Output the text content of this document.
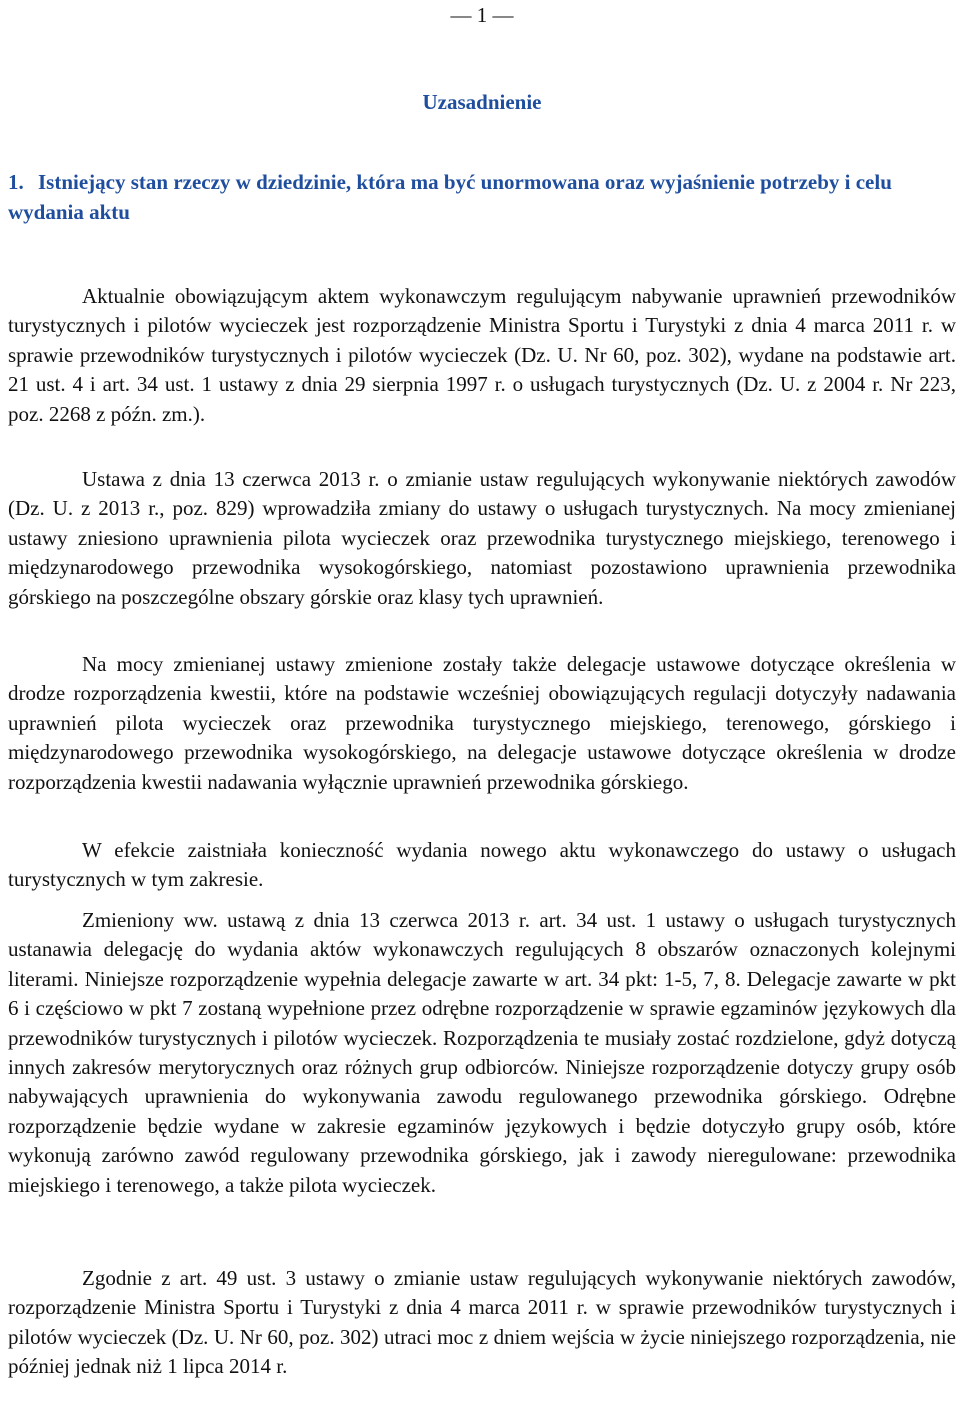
— 1 —
Uzasadnienie
1. Istniejący stan rzeczy w dziedzinie, która ma być unormowana oraz wyjaśnienie potrzeby i celu wydania aktu

Aktualnie obowiązującym aktem wykonawczym regulującym nabywanie uprawnień przewodników turystycznych i pilotów wycieczek jest rozporządzenie Ministra Sportu i Turystyki z dnia 4 marca 2011 r. w sprawie przewodników turystycznych i pilotów wycieczek (Dz. U. Nr 60, poz. 302), wydane na podstawie art. 21 ust. 4 i art. 34 ust. 1 ustawy z dnia 29 sierpnia 1997 r. o usługach turystycznych (Dz. U. z 2004 r. Nr 223, poz. 2268 z późn. zm.).

Ustawa z dnia 13 czerwca 2013 r. o zmianie ustaw regulujących wykonywanie niektórych zawodów (Dz. U. z 2013 r., poz. 829) wprowadziła zmiany do ustawy o usługach turystycznych. Na mocy zmienianej ustawy zniesiono uprawnienia pilota wycieczek oraz przewodnika turystycznego miejskiego, terenowego i międzynarodowego przewodnika wysokogórskiego, natomiast pozostawiono uprawnienia przewodnika górskiego na poszczególne obszary górskie oraz klasy tych uprawnień.

Na mocy zmienianej ustawy zmienione zostały także delegacje ustawowe dotyczące określenia w drodze rozporządzenia kwestii, które na podstawie wcześniej obowiązujących regulacji dotyczyły nadawania uprawnień pilota wycieczek oraz przewodnika turystycznego miejskiego, terenowego, górskiego i międzynarodowego przewodnika wysokogórskiego, na delegacje ustawowe dotyczące określenia w drodze rozporządzenia kwestii nadawania wyłącznie uprawnień przewodnika górskiego.

W efekcie zaistniała konieczność wydania nowego aktu wykonawczego do ustawy o usługach turystycznych w tym zakresie.

Zmieniony ww. ustawą z dnia 13 czerwca 2013 r. art. 34 ust. 1 ustawy o usługach turystycznych ustanawia delegację do wydania aktów wykonawczych regulujących 8 obszarów oznaczonych kolejnymi literami. Niniejsze rozporządzenie wypełnia delegacje zawarte w art. 34 pkt: 1-5, 7, 8. Delegacje zawarte w pkt 6 i częściowo w pkt 7 zostaną wypełnione przez odrębne rozporządzenie w sprawie egzaminów językowych dla przewodników turystycznych i pilotów wycieczek. Rozporządzenia te musiały zostać rozdzielone, gdyż dotyczą innych zakresów merytorycznych oraz różnych grup odbiorców. Niniejsze rozporządzenie dotyczy grupy osób nabywających uprawnienia do wykonywania zawodu regulowanego przewodnika górskiego. Odrębne rozporządzenie będzie wydane w zakresie egzaminów językowych i będzie dotyczyło grupy osób, które wykonują zarówno zawód regulowany przewodnika górskiego, jak i zawody nieregulowane: przewodnika miejskiego i terenowego, a także pilota wycieczek.

Zgodnie z art. 49 ust. 3 ustawy o zmianie ustaw regulujących wykonywanie niektórych zawodów, rozporządzenie Ministra Sportu i Turystyki z dnia 4 marca 2011 r. w sprawie przewodników turystycznych i pilotów wycieczek (Dz. U. Nr 60, poz. 302) utraci moc z dniem wejścia w życie niniejszego rozporządzenia, nie później jednak niż 1 lipca 2014 r.
